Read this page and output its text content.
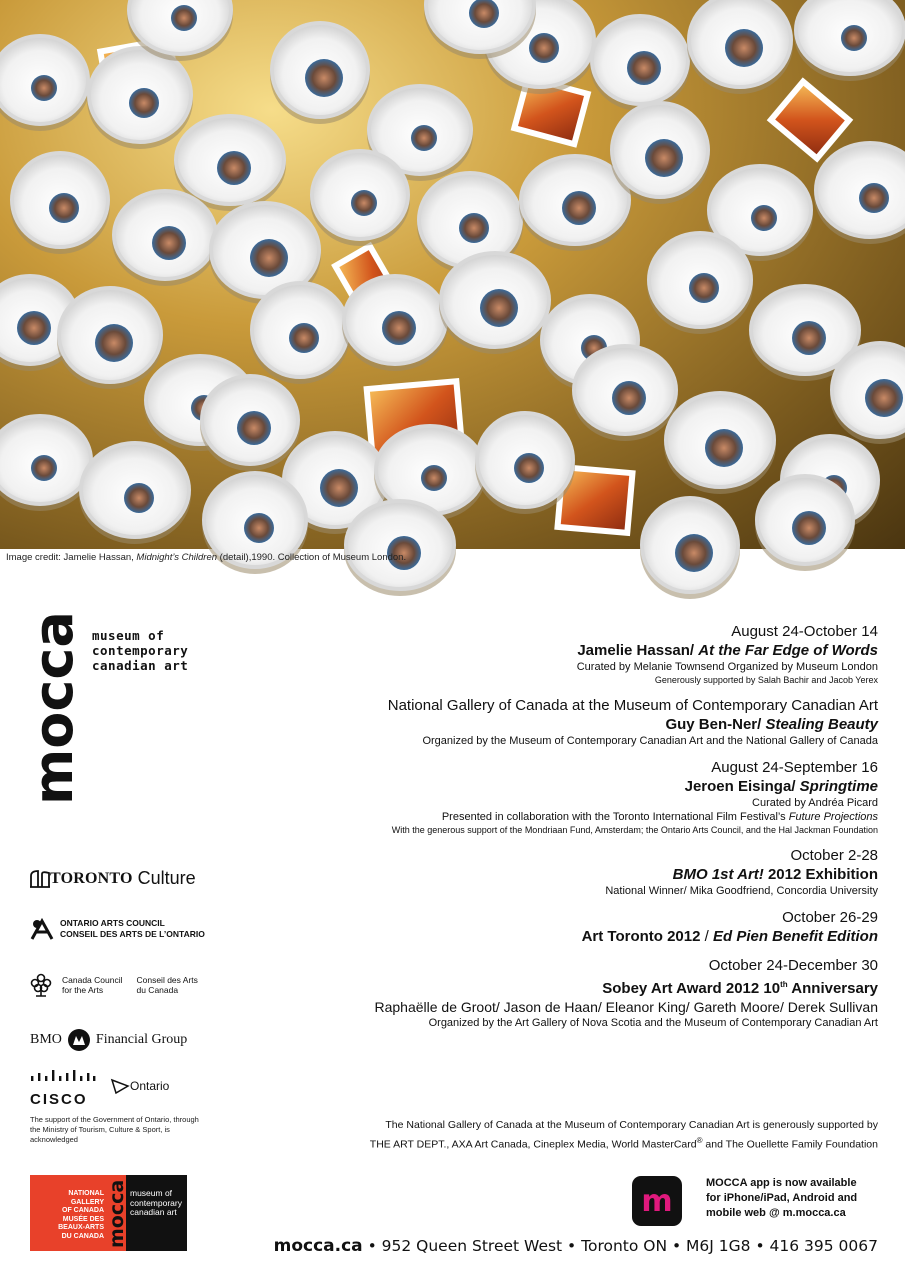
Image credit: Jamelie Hassan, Midnight’s Children (detail),1990. Collection of Museum London.
mocca museum of
contemporary
canadian art
TORONTO Culture
ONTARIO ARTS COUNCIL
CONSEIL DES ARTS DE L’ONTARIO
Canada Council
for the Arts
Conseil des Arts
du Canada
BMO Financial Group
CISCO
Ontario
The support of the Government of Ontario, through the Ministry of Tourism, Culture & Sport, is acknowledged
NATIONAL
GALLERY
OF CANADA
MUSÉE DES
BEAUX-ARTS
DU CANADA mocca museum of
contemporary
canadian art
August 24-October 14
Jamelie Hassan/ At the Far Edge of Words
Curated by Melanie Townsend Organized by Museum London
Generously supported by Salah Bachir and Jacob Yerex
National Gallery of Canada at the Museum of Contemporary Canadian Art
Guy Ben-Ner/ Stealing Beauty
Organized by the Museum of Contemporary Canadian Art and the National Gallery of Canada
August 24-September 16
Jeroen Eisinga/ Springtime
Curated by Andréa Picard
Presented in collaboration with the Toronto International Film Festival’s Future Projections
With the generous support of the Mondriaan Fund, Amsterdam; the Ontario Arts Council, and the Hal Jackman Foundation
October 2-28
BMO 1st Art! 2012 Exhibition
National Winner/ Mika Goodfriend, Concordia University
October 26-29
Art Toronto 2012 / Ed Pien Benefit Edition
October 24-December 30
Sobey Art Award 2012 10th Anniversary
Raphaëlle de Groot/ Jason de Haan/ Eleanor King/ Gareth Moore/ Derek Sullivan
Organized by the Art Gallery of Nova Scotia and the Museum of Contemporary Canadian Art
The National Gallery of Canada at the Museum of Contemporary Canadian Art is generously supported by
THE ART DEPT., AXA Art Canada, Cineplex Media, World MasterCard® and The Ouellette Family Foundation
m
MOCCA app is now available
for iPhone/iPad, Android and
mobile web @ m.mocca.ca
mocca.ca • 952 Queen Street West • Toronto ON • M6J 1G8 • 416 395 0067
